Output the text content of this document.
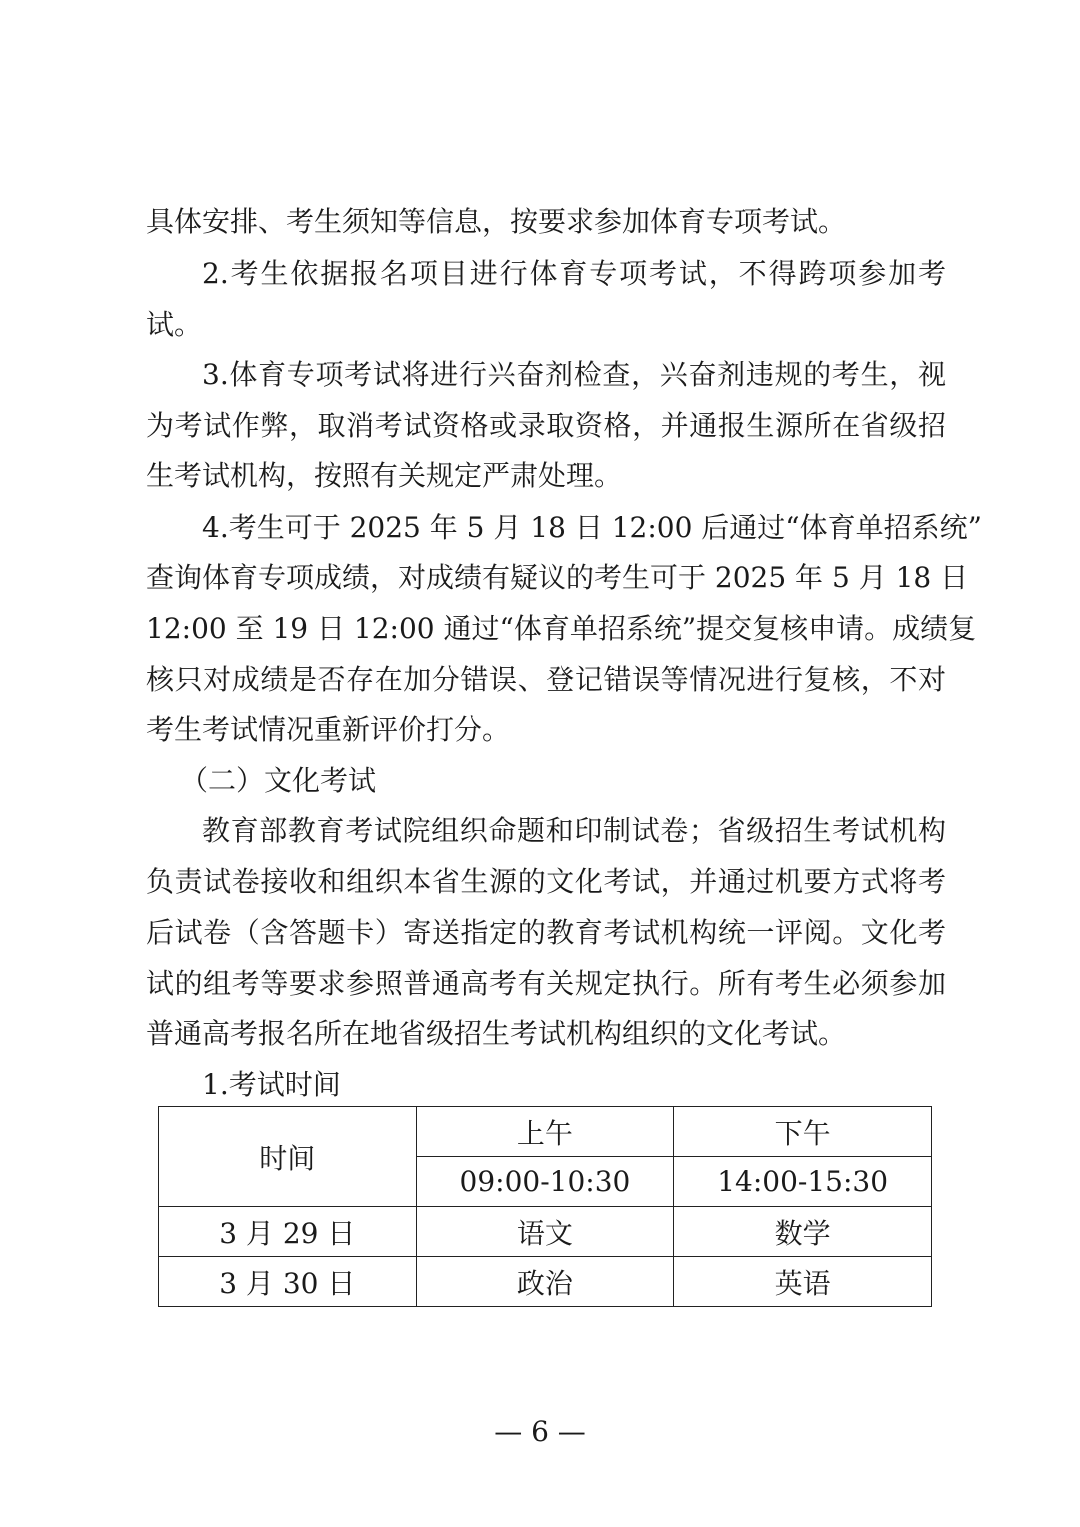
具体安排、考生须知等信息，按要求参加体育专项考试。
2.考生依据报名项目进行体育专项考试，不得跨项参加考
试。
3.体育专项考试将进行兴奋剂检查，兴奋剂违规的考生，视
为考试作弊，取消考试资格或录取资格，并通报生源所在省级招
生考试机构，按照有关规定严肃处理。
4.考生可于 2025 年 5 月 18 日 12:00 后通过“体育单招系统”
查询体育专项成绩，对成绩有疑议的考生可于 2025 年 5 月 18 日
12:00 至 19 日 12:00 通过“体育单招系统”提交复核申请。成绩复
核只对成绩是否存在加分错误、登记错误等情况进行复核，不对
考生考试情况重新评价打分。
（二）文化考试
教育部教育考试院组织命题和印制试卷；省级招生考试机构
负责试卷接收和组织本省生源的文化考试，并通过机要方式将考
后试卷（含答题卡）寄送指定的教育考试机构统一评阅。文化考
试的组考等要求参照普通高考有关规定执行。所有考生必须参加
普通高考报名所在地省级招生考试机构组织的文化考试。
1.考试时间
时间	上午	下午
	09:00-10:30	14:00-15:30
3 月 29 日	语文	数学
3 月 30 日	政治	英语
— 6 —
